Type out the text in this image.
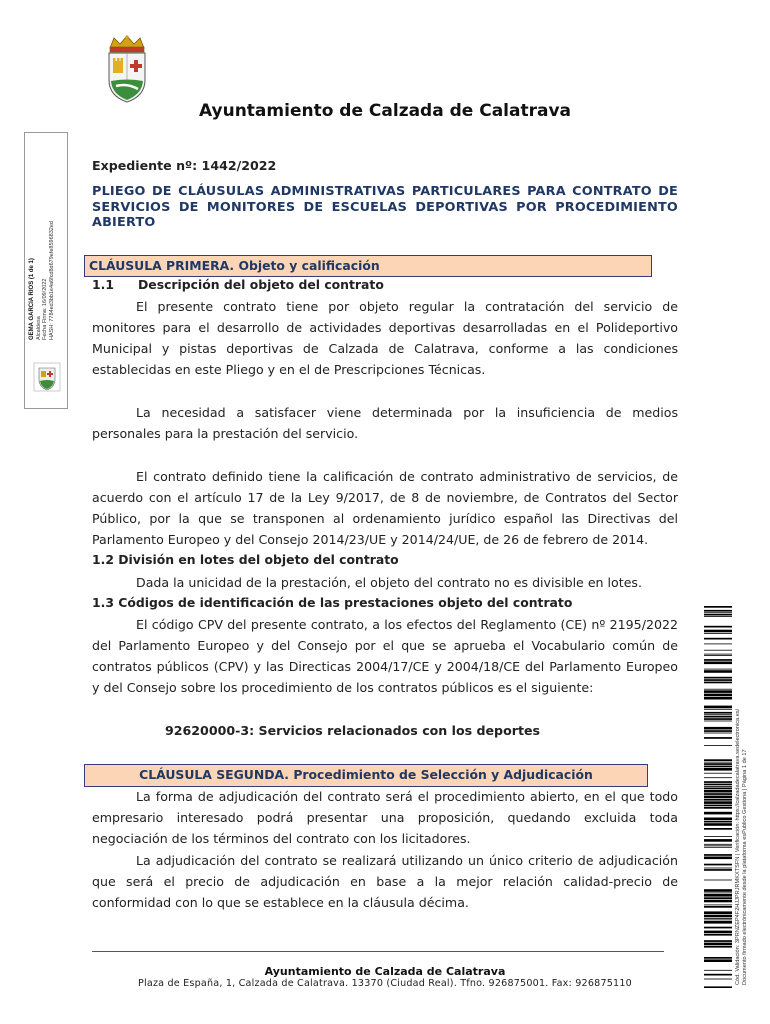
Ayuntamiento de Calzada de Calatrava
GEMA GARCIA RIOS (1 de 1) Alcaldesa Fecha Firma: 16/09/2022 HASH: 7784ed3bb1e4a6fcd8d679efe8596832ed
Expediente nº: 1442/2022
PLIEGO DE CLÁUSULAS ADMINISTRATIVAS PARTICULARES PARA CONTRATO DE SERVICIOS DE MONITORES DE ESCUELAS DEPORTIVAS POR PROCEDIMIENTO ABIERTO
CLÁUSULA PRIMERA. Objeto y calificación
1.1 Descripción del objeto del contrato
El presente contrato tiene por objeto regular la contratación del servicio de monitores para el desarrollo de actividades deportivas desarrolladas en el Polideportivo Municipal y pistas deportivas de Calzada de Calatrava, conforme a las condiciones establecidas en este Pliego y en el de Prescripciones Técnicas.
La necesidad a satisfacer viene determinada por la insuficiencia de medios personales para la prestación del servicio.
El contrato definido tiene la calificación de contrato administrativo de servicios, de acuerdo con el artículo 17 de la Ley 9/2017, de 8 de noviembre, de Contratos del Sector Público, por la que se transponen al ordenamiento jurídico español las Directivas del Parlamento Europeo y del Consejo 2014/23/UE y 2014/24/UE, de 26 de febrero de 2014.
1.2 División en lotes del objeto del contrato
Dada la unicidad de la prestación, el objeto del contrato no es divisible en lotes.
1.3 Códigos de identificación de las prestaciones objeto del contrato
El código CPV del presente contrato, a los efectos del Reglamento (CE) nº 2195/2022 del Parlamento Europeo y del Consejo por el que se aprueba el Vocabulario común de contratos públicos (CPV) y las Directicas 2004/17/CE y 2004/18/CE del Parlamento Europeo y del Consejo sobre los procedimiento de los contratos públicos es el siguiente:
92620000-3: Servicios relacionados con los deportes
CLÁUSULA SEGUNDA. Procedimiento de Selección y Adjudicación
La forma de adjudicación del contrato será el procedimiento abierto, en el que todo empresario interesado podrá presentar una proposición, quedando excluida toda negociación de los términos del contrato con los licitadores.
La adjudicación del contrato se realizará utilizando un único criterio de adjudicación que será el precio de adjudicación en base a la mejor relación calidad-precio de conformidad con lo que se establece en la cláusula décima.
Ayuntamiento de Calzada de Calatrava
Plaza de España, 1, Calzada de Calatrava. 13370 (Ciudad Real). Tfno. 926875001. Fax: 926875110	Cód. Validación: 3PRNZEP4F2HJJPRJRMKXTSFN | Verificación: https://calzadadecalatrava.sedelectronica.es/ Documento firmado electrónicamente desde la plataforma esPublico Gestiona | Página 1 de 17
